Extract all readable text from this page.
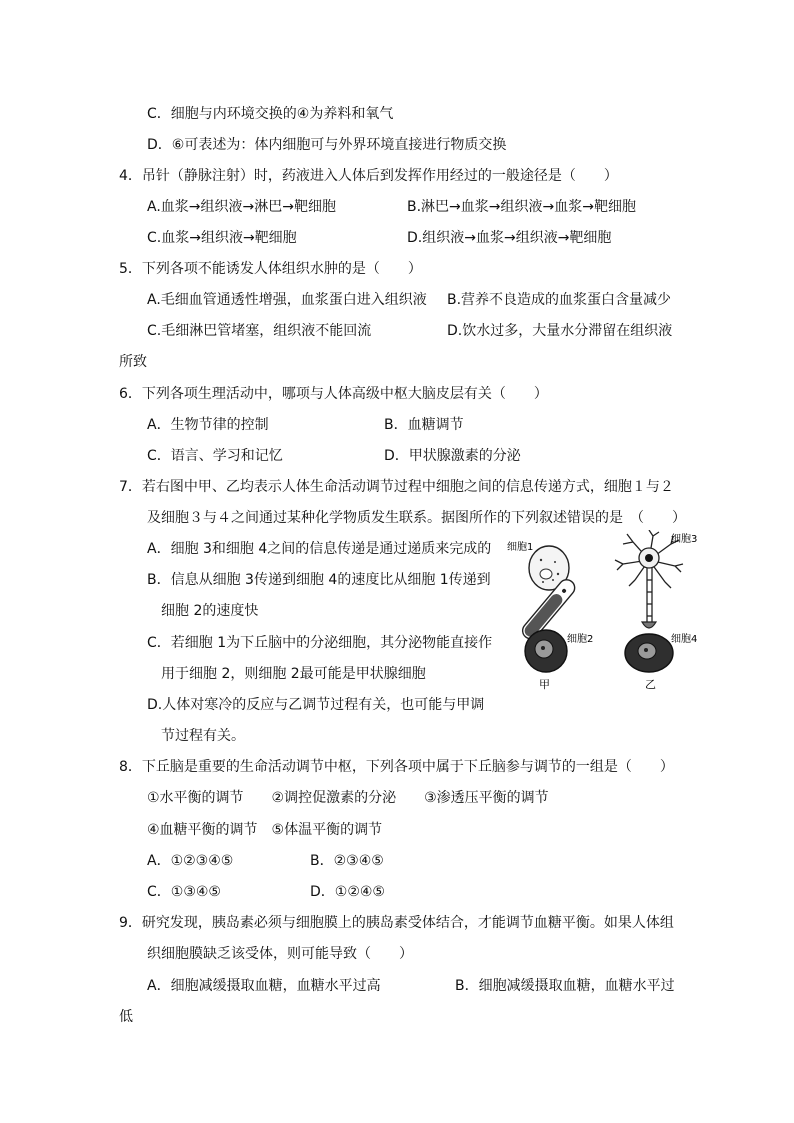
C．细胞与内环境交换的④为养料和氧气
D．⑥可表述为：体内细胞可与外界环境直接进行物质交换
4．吊针（静脉注射）时，药液进入人体后到发挥作用经过的一般途径是（　　）
A.血浆→组织液→淋巴→靶细胞	B.淋巴→血浆→组织液→血浆→靶细胞
C.血浆→组织液→靶细胞	D.组织液→血浆→组织液→靶细胞
5．下列各项不能诱发人体组织水肿的是（　　）
A.毛细血管通透性增强，血浆蛋白进入组织液 B.营养不良造成的血浆蛋白含量减少
C.毛细淋巴管堵塞，组织液不能回流	D.饮水过多，大量水分滞留在组织液
所致
6．下列各项生理活动中，哪项与人体高级中枢大脑皮层有关（　　）
A．生物节律的控制	B．血糖调节
C．语言、学习和记忆	D．甲状腺激素的分泌
7．若右图中甲、乙均表示人体生命活动调节过程中细胞之间的信息传递方式，细胞１与２
及细胞３与４之间通过某种化学物质发生联系。据图所作的下列叙述错误的是　（　　）
A．细胞 3和细胞 4之间的信息传递是通过递质来完成的
B．信息从细胞 3传递到细胞 4的速度比从细胞 1传递到
细胞 2的速度快
C．若细胞 1为下丘脑中的分泌细胞，其分泌物能直接作
用于细胞 2，则细胞 2最可能是甲状腺细胞
D.人体对寒冷的反应与乙调节过程有关，也可能与甲调
节过程有关。
细胞1
细胞2
甲
细胞3
细胞4
乙
8．下丘脑是重要的生命活动调节中枢，下列各项中属于下丘脑参与调节的一组是（　　）
①水平衡的调节　　②调控促激素的分泌　　③渗透压平衡的调节
④血糖平衡的调节　⑤体温平衡的调节
A．①②③④⑤	B．②③④⑤
C．①③④⑤	D．①②④⑤
9．研究发现，胰岛素必须与细胞膜上的胰岛素受体结合，才能调节血糖平衡。如果人体组
织细胞膜缺乏该受体，则可能导致（　　）
A．细胞减缓摄取血糖，血糖水平过高	B．细胞减缓摄取血糖，血糖水平过
低
